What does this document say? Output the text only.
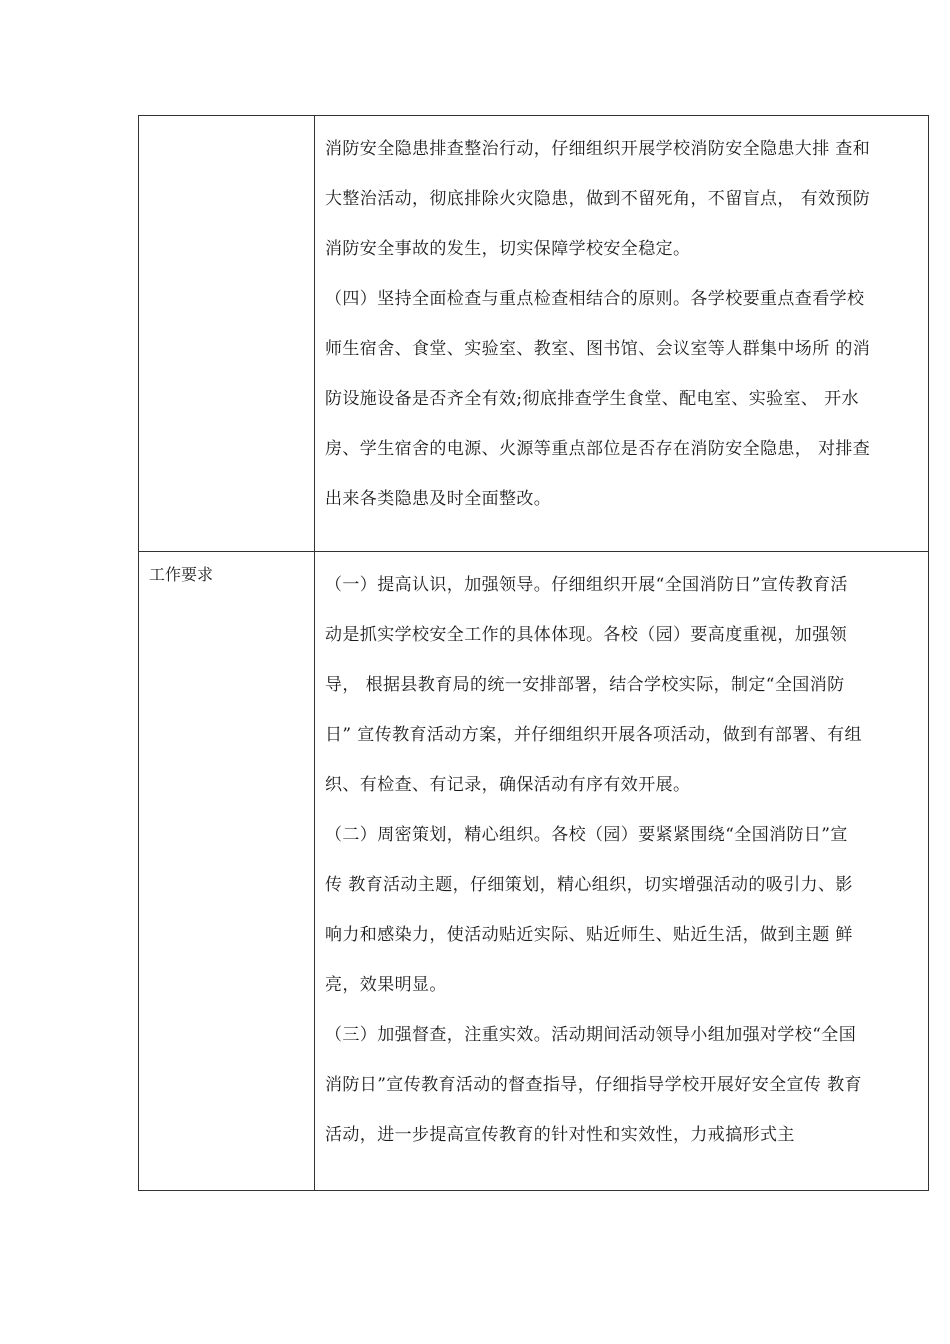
消防安全隐患排查整治行动，仔细组织开展学校消防安全隐患大排 查和
大整治活动，彻底排除火灾隐患，做到不留死角，不留盲点， 有效预防
消防安全事故的发生，切实保障学校安全稳定。
（四）坚持全面检查与重点检查相结合的原则。各学校要重点查看学校
师生宿舍、食堂、实验室、教室、图书馆、会议室等人群集中场所 的消
防设施设备是否齐全有效;彻底排查学生食堂、配电室、实验室、 开水
房、学生宿舍的电源、火源等重点部位是否存在消防安全隐患， 对排查
出来各类隐患及时全面整改。
工作要求
（一）提高认识，加强领导。仔细组织开展“全国消防日”宣传教育活
动是抓实学校安全工作的具体体现。各校（园）要高度重视，加强领
导， 根据县教育局的统一安排部署，结合学校实际，制定“全国消防
日” 宣传教育活动方案，并仔细组织开展各项活动，做到有部署、有组
织、有检查、有记录，确保活动有序有效开展。
（二）周密策划，精心组织。各校（园）要紧紧围绕“全国消防日”宣
传 教育活动主题，仔细策划，精心组织，切实增强活动的吸引力、影
响力和感染力，使活动贴近实际、贴近师生、贴近生活，做到主题 鲜
亮，效果明显。
（三）加强督查，注重实效。活动期间活动领导小组加强对学校“全国
消防日”宣传教育活动的督查指导，仔细指导学校开展好安全宣传 教育
活动，进一步提高宣传教育的针对性和实效性，力戒搞形式主
